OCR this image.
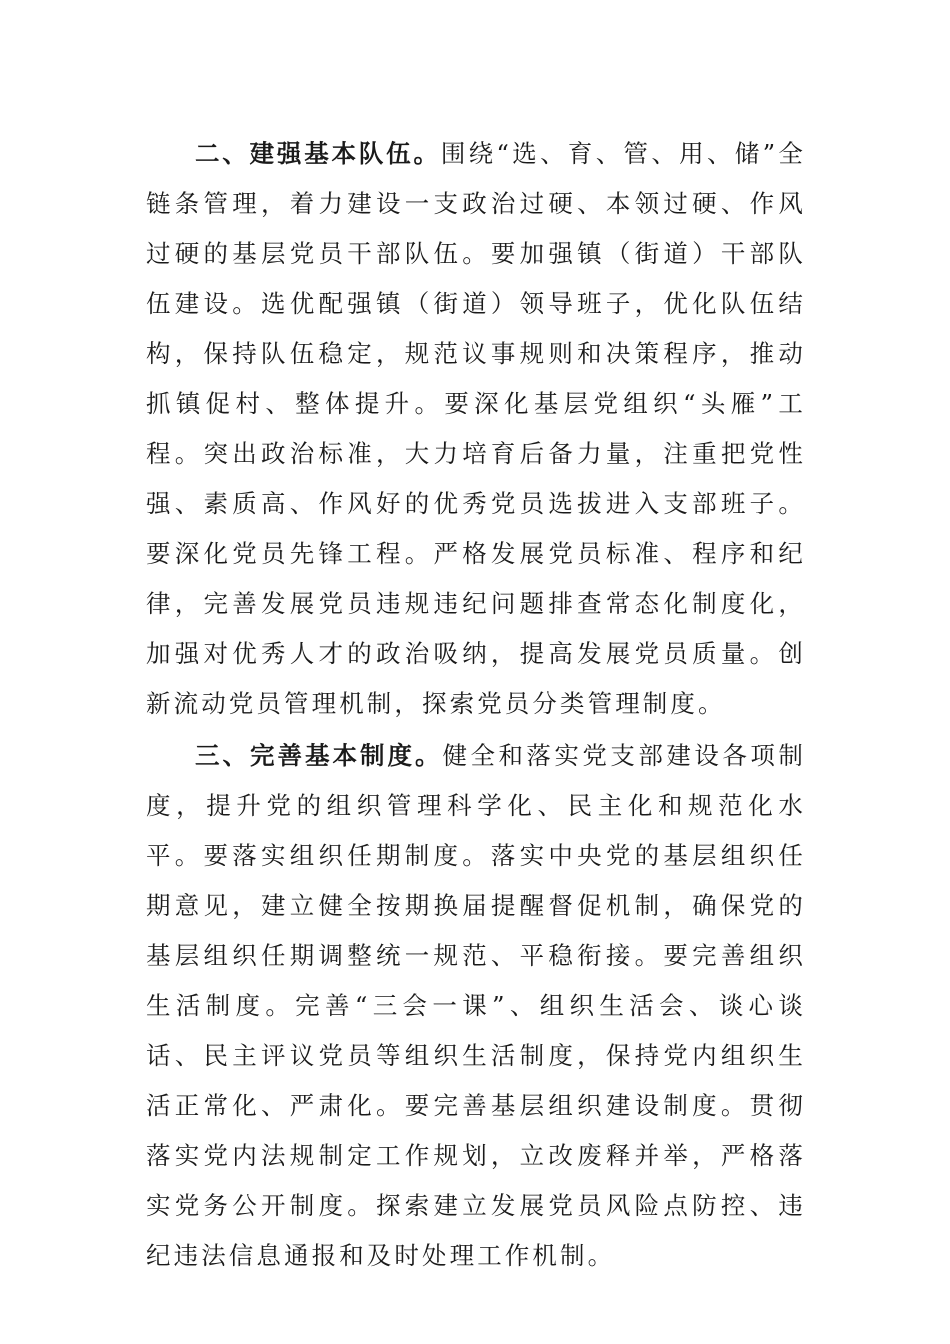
二、建强基本队伍。围绕“选、育、管、用、储”全链条管理，着力建设一支政治过硬、本领过硬、作风过硬的基层党员干部队伍。要加强镇（街道）干部队伍建设。选优配强镇（街道）领导班子，优化队伍结构，保持队伍稳定，规范议事规则和决策程序，推动抓镇促村、整体提升。要深化基层党组织“头雁”工程。突出政治标准，大力培育后备力量，注重把党性强、素质高、作风好的优秀党员选拔进入支部班子。要深化党员先锋工程。严格发展党员标准、程序和纪律，完善发展党员违规违纪问题排查常态化制度化，加强对优秀人才的政治吸纳，提高发展党员质量。创新流动党员管理机制，探索党员分类管理制度。

三、完善基本制度。健全和落实党支部建设各项制度，提升党的组织管理科学化、民主化和规范化水平。要落实组织任期制度。落实中央党的基层组织任期意见，建立健全按期换届提醒督促机制，确保党的基层组织任期调整统一规范、平稳衔接。要完善组织生活制度。完善“三会一课”、组织生活会、谈心谈话、民主评议党员等组织生活制度，保持党内组织生活正常化、严肃化。要完善基层组织建设制度。贯彻落实党内法规制定工作规划，立改废释并举，严格落实党务公开制度。探索建立发展党员风险点防控、违纪违法信息通报和及时处理工作机制。
